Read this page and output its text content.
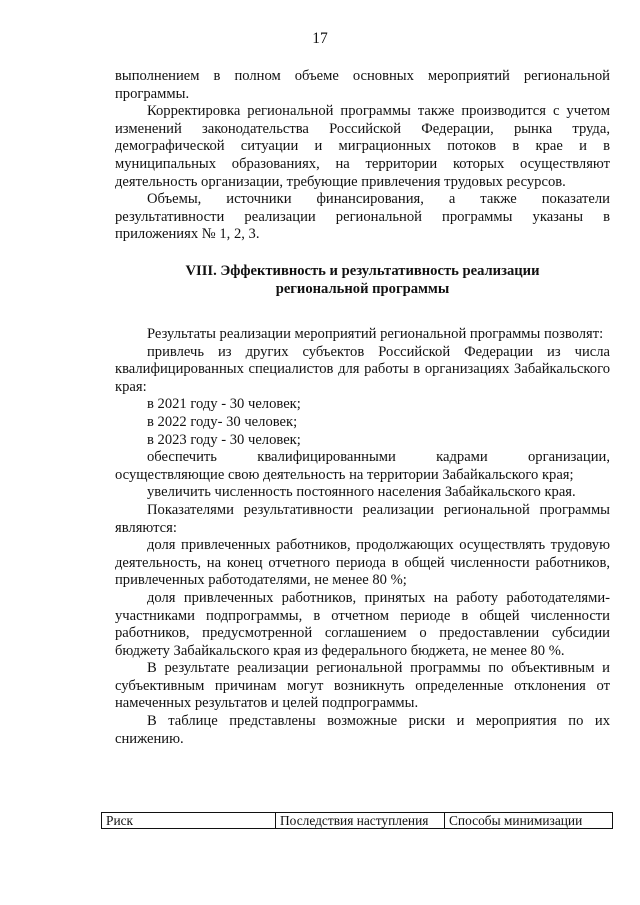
17

выполнением в полном объеме основных мероприятий региональной программы.

Корректировка региональной программы также производится с учетом изменений законодательства Российской Федерации, рынка труда, демографической ситуации и миграционных потоков в крае и в муниципальных образованиях, на территории которых осуществляют деятельность организации, требующие привлечения трудовых ресурсов.

Объемы, источники финансирования, а также показатели результативности реализации региональной программы указаны в приложениях № 1, 2, 3.

VIII. Эффективность и результативность реализации
региональной программы

Результаты реализации мероприятий региональной программы позволят:

привлечь из других субъектов Российской Федерации из числа квалифицированных специалистов для работы в организациях Забайкальского края:

в 2021 году - 30 человек;

в 2022 году- 30 человек;

в 2023 году - 30 человек;

обеспечить квалифицированными кадрами организации, осуществляющие свою деятельность на территории Забайкальского края;

увеличить численность постоянного населения Забайкальского края.

Показателями результативности реализации региональной программы являются:

доля привлеченных работников, продолжающих осуществлять трудовую деятельность, на конец отчетного периода в общей численности работников, привлеченных работодателями, не менее 80 %;

доля привлеченных работников, принятых на работу работодателями-участниками подпрограммы, в отчетном периоде в общей численности работников, предусмотренной соглашением о предоставлении субсидии бюджету Забайкальского края из федерального бюджета, не менее 80 %.

В результате реализации региональной программы по объективным и субъективным причинам могут возникнуть определенные отклонения от намеченных результатов и целей подпрограммы.

В таблице представлены возможные риски и мероприятия по их снижению.

Риск	Последствия наступления	Способы минимизации
